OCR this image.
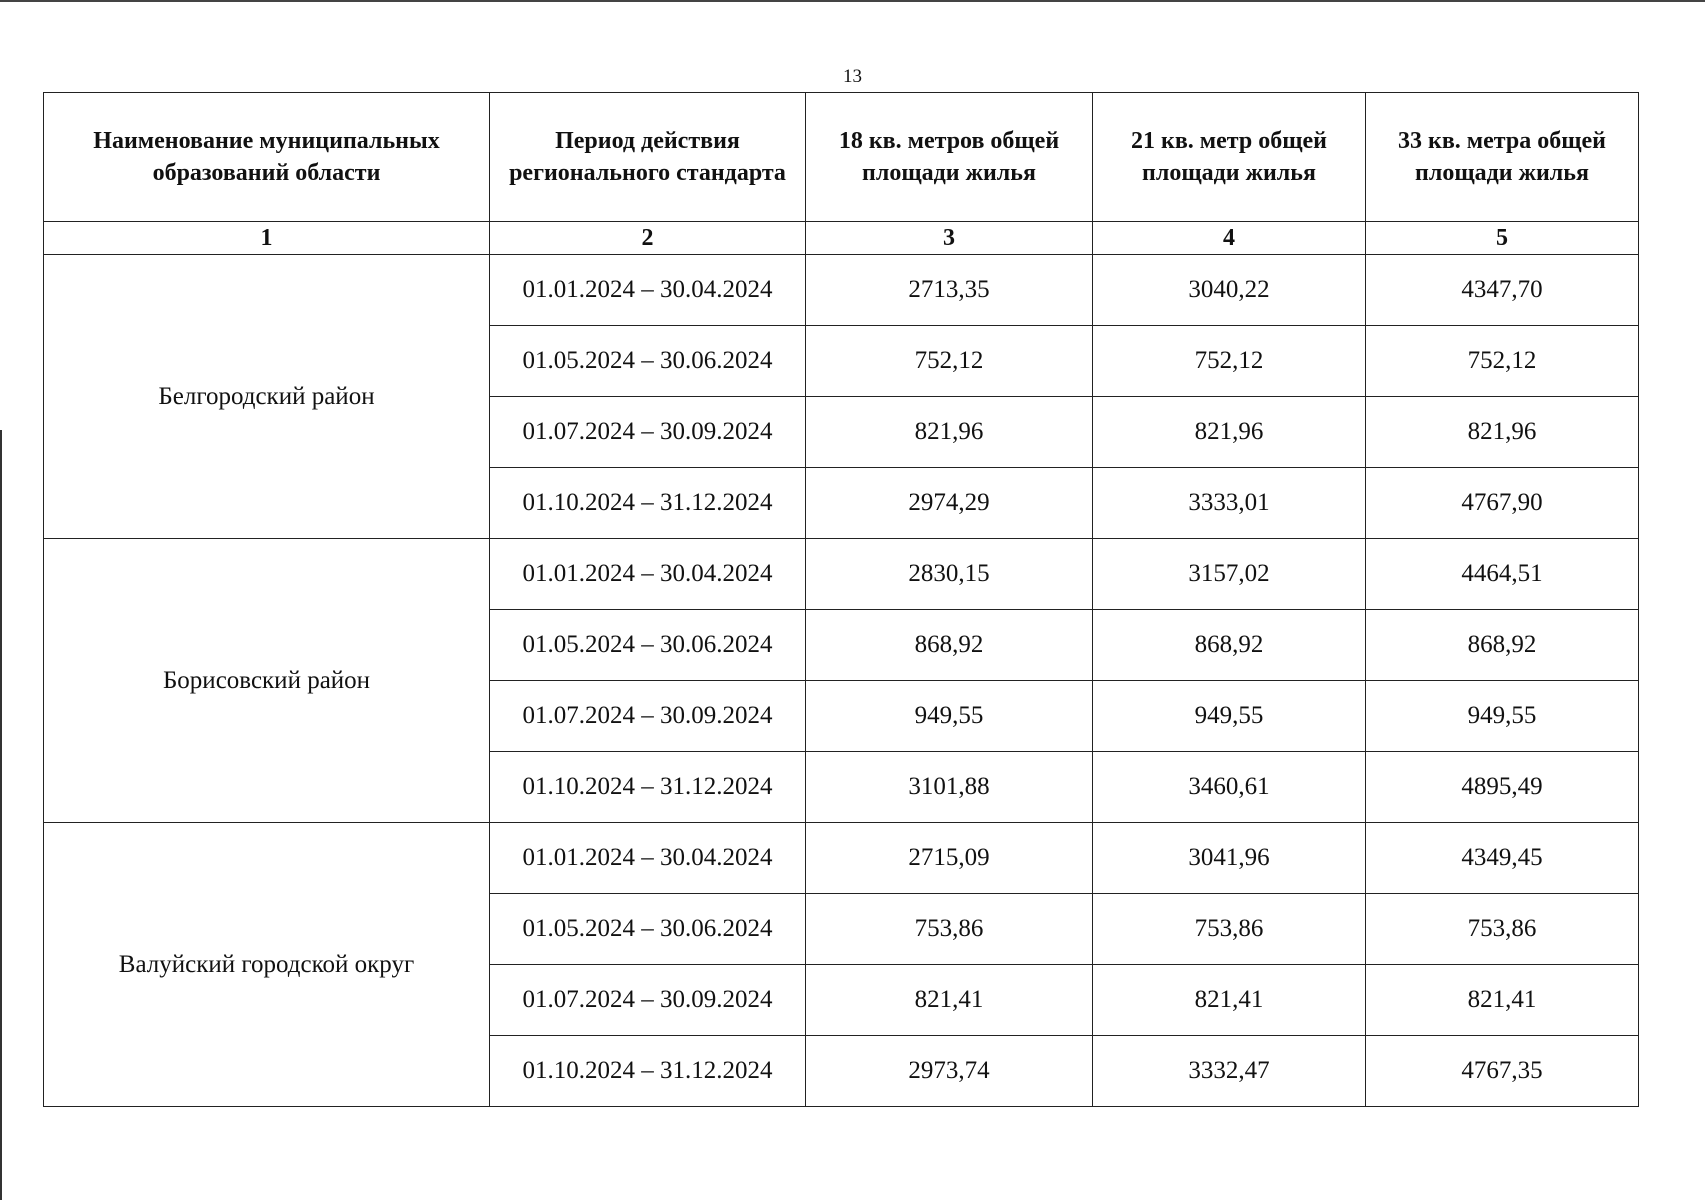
13
Наименование муниципальных образований области	Период действия регионального стандарта	18 кв. метров общей площади жилья	21 кв. метр общей площади жилья	33 кв. метра общей площади жилья
1	2	3	4	5
Белгородский район	01.01.2024 – 30.04.2024	2713,35	3040,22	4347,70
	01.05.2024 – 30.06.2024	752,12	752,12	752,12
	01.07.2024 – 30.09.2024	821,96	821,96	821,96
	01.10.2024 – 31.12.2024	2974,29	3333,01	4767,90
Борисовский район	01.01.2024 – 30.04.2024	2830,15	3157,02	4464,51
	01.05.2024 – 30.06.2024	868,92	868,92	868,92
	01.07.2024 – 30.09.2024	949,55	949,55	949,55
	01.10.2024 – 31.12.2024	3101,88	3460,61	4895,49
Валуйский городской округ	01.01.2024 – 30.04.2024	2715,09	3041,96	4349,45
	01.05.2024 – 30.06.2024	753,86	753,86	753,86
	01.07.2024 – 30.09.2024	821,41	821,41	821,41
	01.10.2024 – 31.12.2024	2973,74	3332,47	4767,35
